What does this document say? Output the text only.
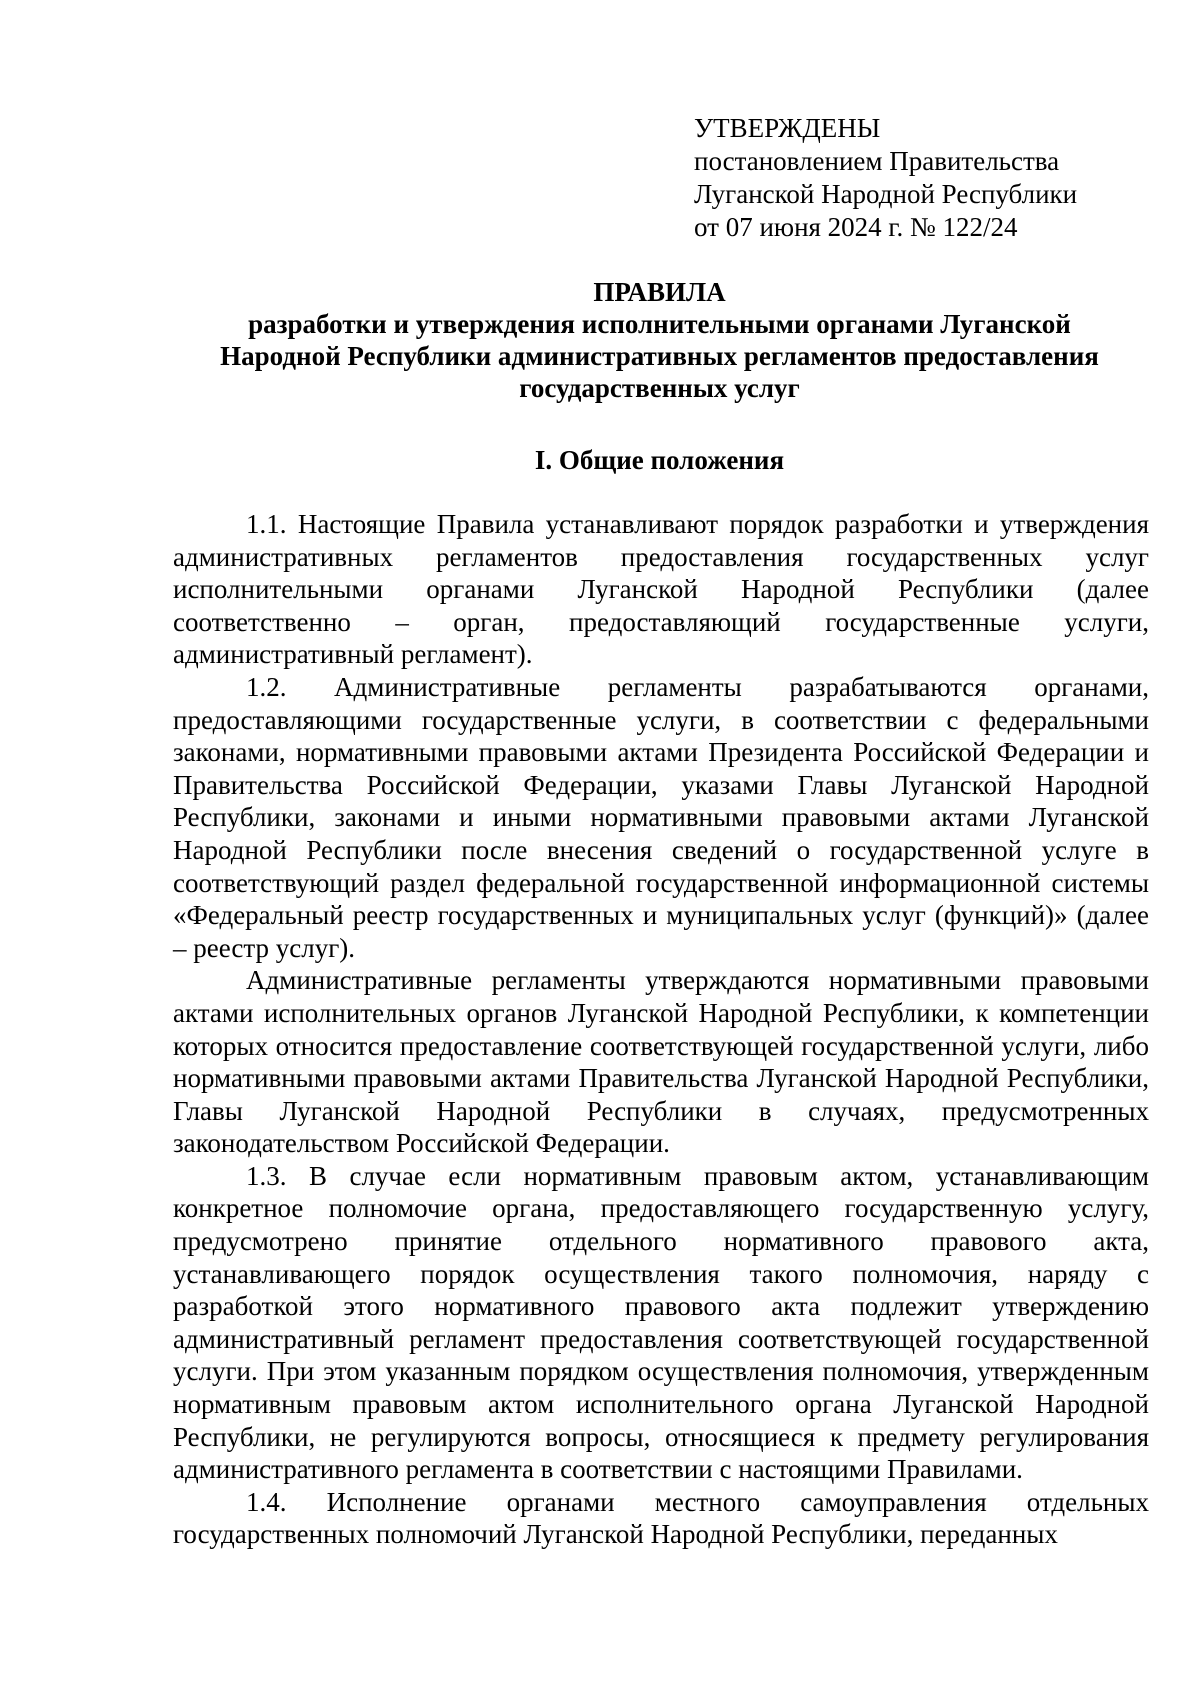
УТВЕРЖДЕНЫ
постановлением Правительства
Луганской Народной Республики
от 07 июня 2024 г. № 122/24
ПРАВИЛА
разработки и утверждения исполнительными органами Луганской
Народной Республики административных регламентов предоставления
государственных услуг
I. Общие положения

1.1. Настоящие Правила устанавливают порядок разработки и утверждения административных регламентов предоставления государственных услуг исполнительными органами Луганской Народной Республики (далее соответственно – орган, предоставляющий государственные услуги, административный регламент).

1.2. Административные регламенты разрабатываются органами, предоставляющими государственные услуги, в соответствии с федеральными законами, нормативными правовыми актами Президента Российской Федерации и Правительства Российской Федерации, указами Главы Луганской Народной Республики, законами и иными нормативными правовыми актами Луганской Народной Республики после внесения сведений о государственной услуге в соответствующий раздел федеральной государственной информационной системы «Федеральный реестр государственных и муниципальных услуг (функций)» (далее – реестр услуг).

Административные регламенты утверждаются нормативными правовыми актами исполнительных органов Луганской Народной Республики, к компетенции которых относится предоставление соответствующей государственной услуги, либо нормативными правовыми актами Правительства Луганской Народной Республики, Главы Луганской Народной Республики в случаях, предусмотренных законодательством Российской Федерации.

1.3. В случае если нормативным правовым актом, устанавливающим конкретное полномочие органа, предоставляющего государственную услугу, предусмотрено принятие отдельного нормативного правового акта, устанавливающего порядок осуществления такого полномочия, наряду с разработкой этого нормативного правового акта подлежит утверждению административный регламент предоставления соответствующей государственной услуги. При этом указанным порядком осуществления полномочия, утвержденным нормативным правовым актом исполнительного органа Луганской Народной Республики, не регулируются вопросы, относящиеся к предмету регулирования административного регламента в соответствии с настоящими Правилами.

1.4. Исполнение органами местного самоуправления отдельных государственных полномочий Луганской Народной Республики, переданных
